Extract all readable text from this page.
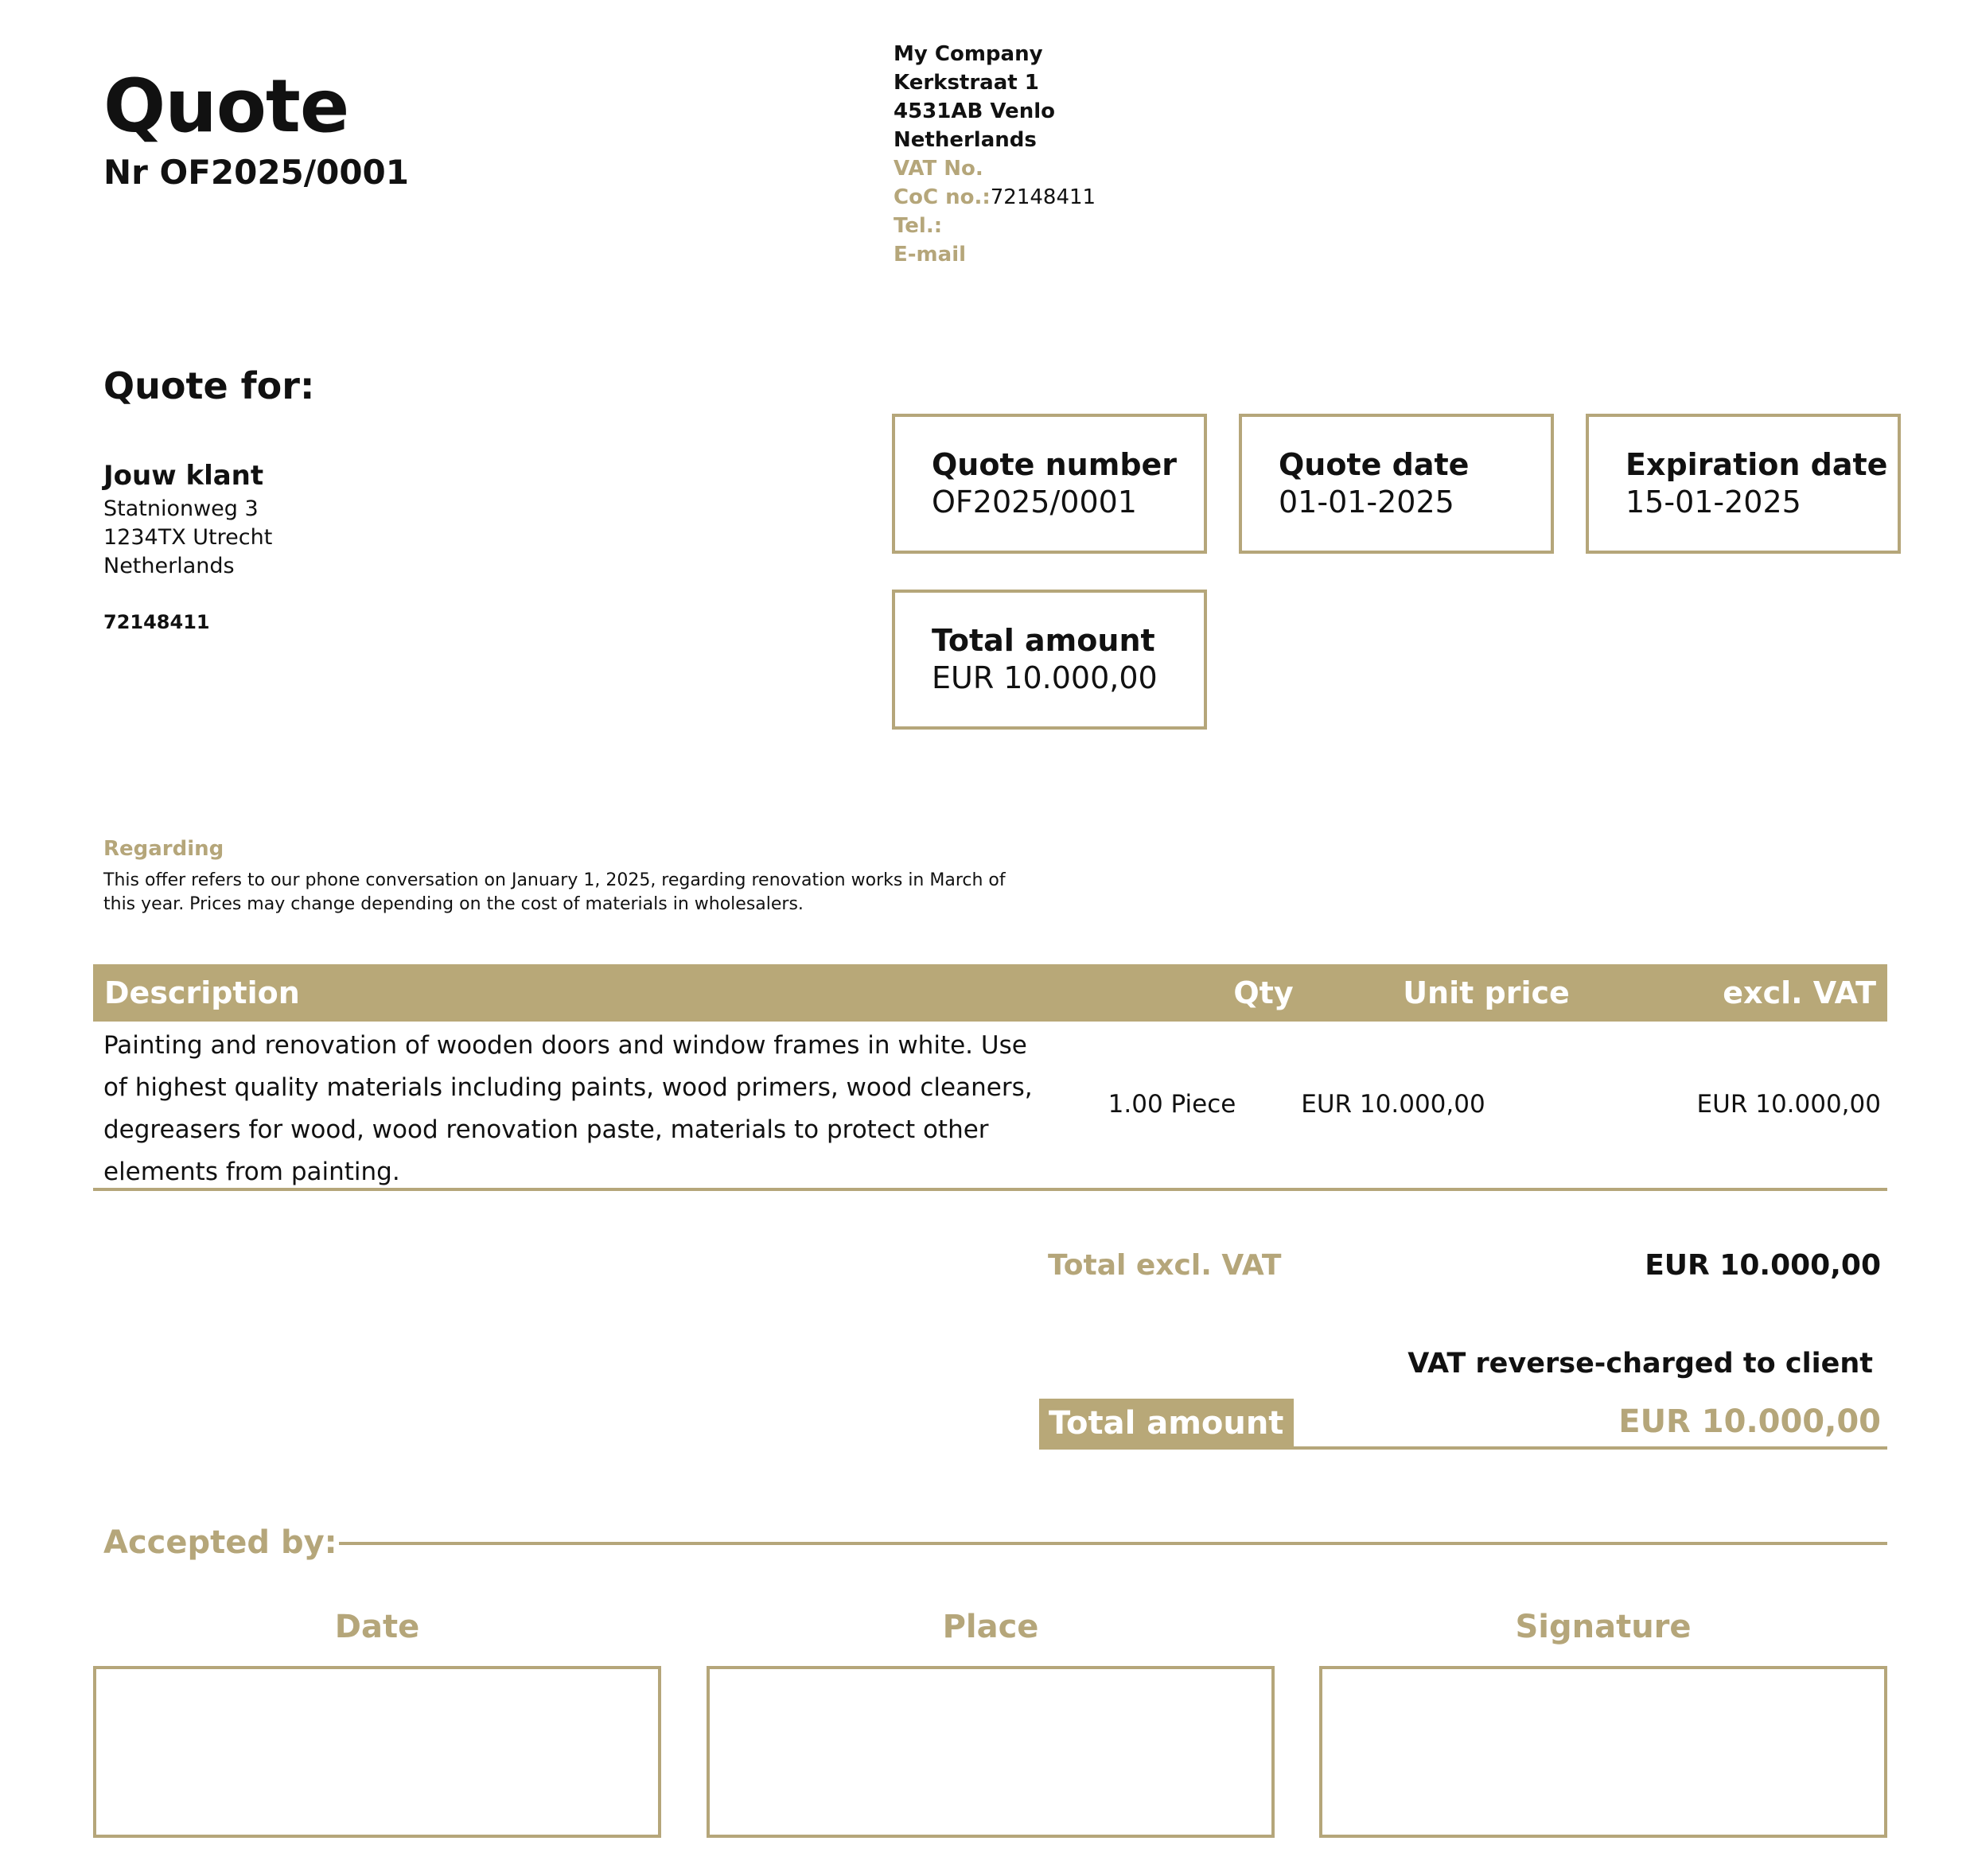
Quote
Nr OF2025/0001
My Company
Kerkstraat 1
4531AB Venlo
Netherlands
VAT No.
CoC no.:72148411
Tel.:
E-mail
Quote for:
Jouw klant
Statnionweg 3
1234TX Utrecht
Netherlands
72148411
Quote number
OF2025/0001
Quote date
01-01-2025
Expiration date
15-01-2025
Total amount
EUR 10.000,00
Regarding
This offer refers to our phone conversation on January 1, 2025, regarding renovation works in March of this year. Prices may change depending on the cost of materials in wholesalers.
Description	Qty	Unit price	excl. VAT
Painting and renovation of wooden doors and window frames in white. Use of highest quality materials including paints, wood primers, wood cleaners, degreasers for wood, wood renovation paste, materials to protect other elements from painting.
1.00 Piece	EUR 10.000,00	EUR 10.000,00
Total excl. VAT	EUR 10.000,00
VAT reverse-charged to client
Total amount	EUR 10.000,00
Accepted by:
Date	Place	Signature
